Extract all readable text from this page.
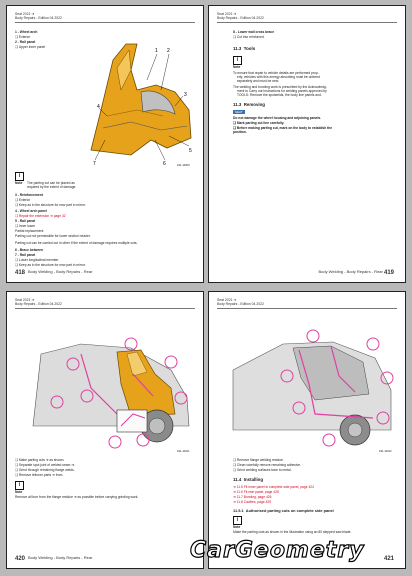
Seat 2021 ➔
Body Repairs - Edition 04.2022
1 - Wheel arch
❑ Exterior
2 - Rail panel
❑ Upper inner panel
1 2
3
4
5
6
7	Z31-10009
i
Note The parting cut can be placed as
required by the extent of damage.
3 - Reinforcement
❑ Exterior
❑ Keep as in the structure for new part in mirror.
4 - Wheel arch panel
❑ Repair the extension ➔ page 32
5 - Rail panel
❑ Inner lower
Partial replacement
Parting cut not permissible for lower section header.
Parting cut can be carried out in other if the extent of damage requires multiple cuts.
6 - Brace between
7 - Rail panel
❑ Lower longitudinal member
❑ Keep as in the structure for new part in mirror.
418 Body Welding - Body Repairs - Rear
Seat 2021 ➔
Body Repairs - Edition 04.2022
8 - Lower wall cross brace
❑ Cut into reinforced
11.3 Tools
i
Note
To ensure that repair to vehicle details are performed prop-
erly, vehicles with this energy absorbing must be ordered
separately and must be new.
The welding and bonding work is prescribed by the Acknowledg-
ment to Carry out Instructions for welding panels approved by
TOOLS: Remove the spotwelds, the body line panels and.
11.3 Removing
SEAT
Do not damage the wheel housing and adjoining panels.
❑ Mark parting cut line carefully.
❑ Before making parting cut, mark on the body to establish the
position.
Body Welding - Body Repairs - Rear 419
Seat 2021 ➔
Body Repairs - Edition 04.2022
Z31-10101
❑ Make parting cuts ➔ as shown.
❑ Separate spot joint of welded seam ➔.
❑ Grind through remaining flange welds.
❑ Remove leftover parts ➔ from.
i
Note
Remove all burr from the flange residue ➔ as possible before carrying grinding work.
420 Body Welding - Body Repairs - Rear
Seat 2021 ➔
Body Repairs - Edition 04.2022
Z31-10102
❑ Remove flange welding residue.
❑ Clean carefully remove remaining adhesive.
❑ Grind welding surfaces bare to metal.
11.4 Installing
➔ 11.5 Fit inner panel in complete side panel, page 424
➔ 11.6 Fit rear panel, page 425
➔ 11.7 Bonding, page 426
➔ 11.8 Cavities, page 429
11.5.1 Authorised parting cuts on complete side panel
i
Note
Make the parting cuts as shown in the illustration using an 80 stepped saw blade.
421
CarGeometry
